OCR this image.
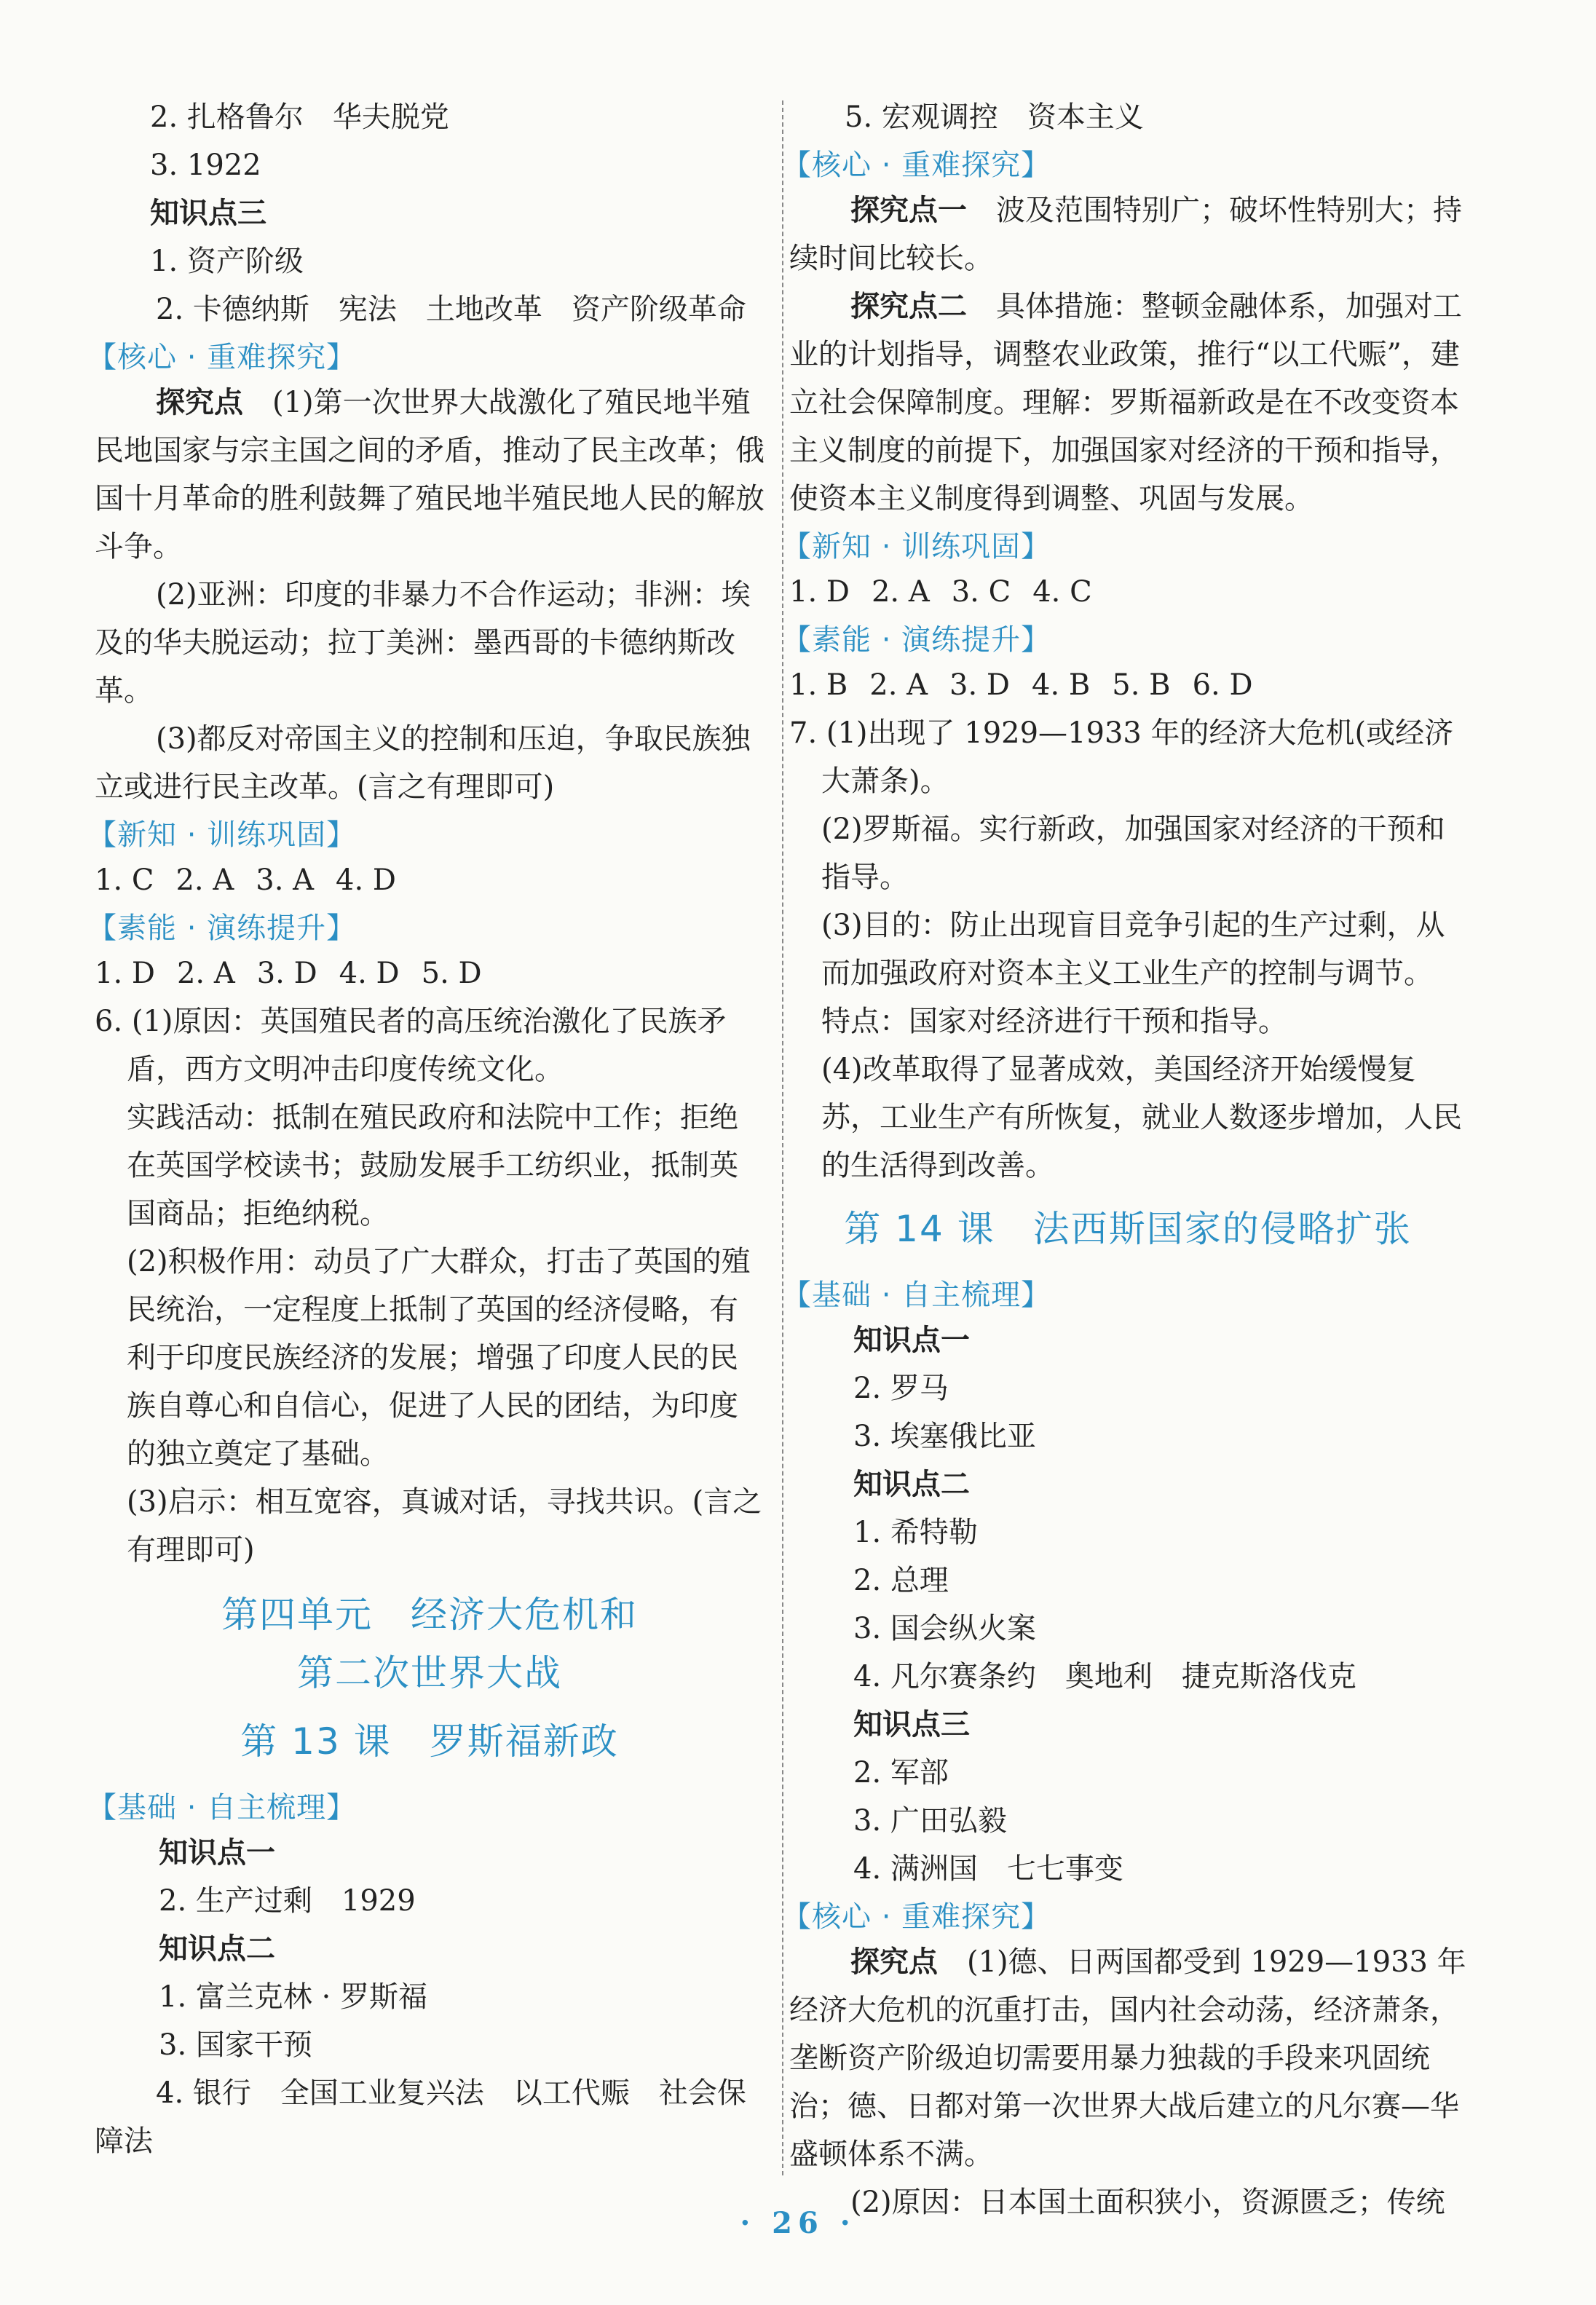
2. 扎格鲁尔　华夫脱党

3. 1922

知识点三

1. 资产阶级

2. 卡德纳斯　宪法　土地改革　资产阶级革命

【核心 · 重难探究】

探究点　 (1)第一次世界大战激化了殖民地半殖民地国家与宗主国之间的矛盾，推动了民主改革；俄国十月革命的胜利鼓舞了殖民地半殖民地人民的解放斗争。

(2)亚洲：印度的非暴力不合作运动；非洲：埃及的华夫脱运动；拉丁美洲：墨西哥的卡德纳斯改革。

(3)都反对帝国主义的控制和压迫，争取民族独立或进行民主改革。(言之有理即可)

【新知 · 训练巩固】

1. C 2. A 3. A 4. D

【素能 · 演练提升】

1. D 2. A 3. D 4. D 5. D

6. (1)原因：英国殖民者的高压统治激化了民族矛盾，西方文明冲击印度传统文化。

实践活动：抵制在殖民政府和法院中工作；拒绝在英国学校读书；鼓励发展手工纺织业，抵制英国商品；拒绝纳税。

(2)积极作用：动员了广大群众，打击了英国的殖民统治，一定程度上抵制了英国的经济侵略，有利于印度民族经济的发展；增强了印度人民的民族自尊心和自信心，促进了人民的团结，为印度的独立奠定了基础。

(3)启示：相互宽容，真诚对话，寻找共识。(言之有理即可)

第四单元　经济大危机和
第二次世界大战
第 13 课　罗斯福新政
【基础 · 自主梳理】

知识点一

2. 生产过剩　1929

知识点二

1. 富兰克林 · 罗斯福

3. 国家干预

4. 银行　全国工业复兴法　以工代赈　社会保障法

5. 宏观调控　资本主义

【核心 · 重难探究】

探究点一　波及范围特别广；破坏性特别大；持续时间比较长。

探究点二　具体措施：整顿金融体系，加强对工业的计划指导，调整农业政策，推行“以工代赈”，建立社会保障制度。理解：罗斯福新政是在不改变资本主义制度的前提下，加强国家对经济的干预和指导，使资本主义制度得到调整、巩固与发展。

【新知 · 训练巩固】

1. D 2. A 3. C 4. C

【素能 · 演练提升】

1. B 2. A 3. D 4. B 5. B 6. D

7. (1)出现了 1929—1933 年的经济大危机(或经济大萧条)。

(2)罗斯福。实行新政，加强国家对经济的干预和指导。

(3)目的：防止出现盲目竞争引起的生产过剩，从而加强政府对资本主义工业生产的控制与调节。

特点：国家对经济进行干预和指导。

(4)改革取得了显著成效，美国经济开始缓慢复苏，工业生产有所恢复，就业人数逐步增加，人民的生活得到改善。

第 14 课　法西斯国家的侵略扩张
【基础 · 自主梳理】

知识点一

2. 罗马

3. 埃塞俄比亚

知识点二

1. 希特勒

2. 总理

3. 国会纵火案

4. 凡尔赛条约　奥地利　捷克斯洛伐克

知识点三

2. 军部

3. 广田弘毅

4. 满洲国　七七事变

【核心 · 重难探究】

探究点　(1)德、日两国都受到 1929—1933 年经济大危机的沉重打击，国内社会动荡，经济萧条，垄断资产阶级迫切需要用暴力独裁的手段来巩固统治；德、日都对第一次世界大战后建立的凡尔赛—华盛顿体系不满。

(2)原因：日本国土面积狭小，资源匮乏；传统

· 26 ·
